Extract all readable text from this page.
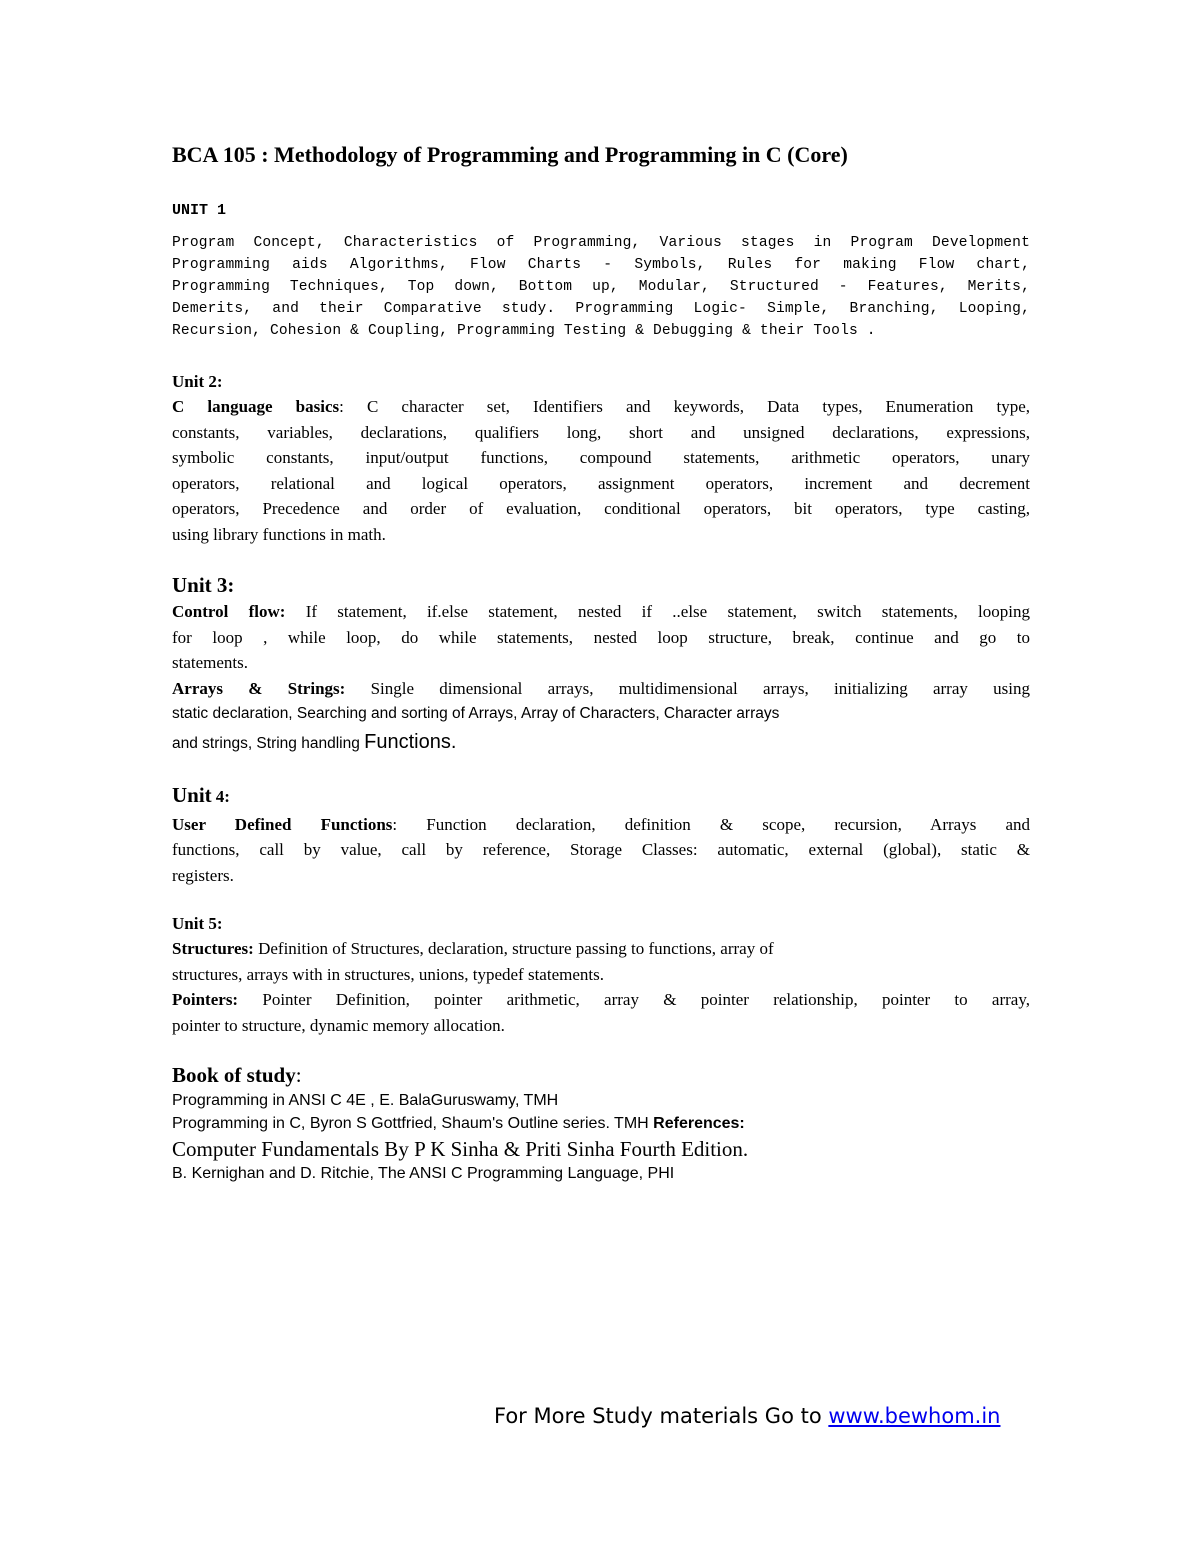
BCA 105 : Methodology of Programming and Programming in C (Core)
UNIT 1
Program Concept, Characteristics of Programming, Various stages in Program Development
Programming aids Algorithms, Flow Charts - Symbols, Rules for making Flow chart,
Programming Techniques, Top down, Bottom up, Modular, Structured - Features, Merits,
Demerits, and their Comparative study. Programming Logic- Simple, Branching, Looping,
Recursion, Cohesion & Coupling, Programming Testing & Debugging & their Tools .
Unit 2:
C language basics: C character set, Identifiers and keywords, Data types, Enumeration type,
constants, variables, declarations, qualifiers long, short and unsigned declarations, expressions,
symbolic constants, input/output functions, compound statements, arithmetic operators, unary
operators, relational and logical operators, assignment operators, increment and decrement
operators, Precedence and order of evaluation, conditional operators, bit operators, type casting,
using library functions in math.
Unit 3:
Control flow: If statement, if.else statement, nested if ..else statement, switch statements, looping
for loop , while loop, do while statements, nested loop structure, break, continue and go to
statements.
Arrays & Strings: Single dimensional arrays, multidimensional arrays, initializing array using
static declaration, Searching and sorting of Arrays, Array of Characters, Character arrays
and strings, String handling Functions.
Unit 4:
User Defined Functions: Function declaration, definition & scope, recursion, Arrays and
functions, call by value, call by reference, Storage Classes: automatic, external (global), static &
registers.
Unit 5:
Structures: Definition of Structures, declaration, structure passing to functions, array of
structures, arrays with in structures, unions, typedef statements.
Pointers: Pointer Definition, pointer arithmetic, array & pointer relationship, pointer to array,
pointer to structure, dynamic memory allocation.
Book of study:
Programming in ANSI C 4E , E. BalaGuruswamy, TMH
Programming in C, Byron S Gottfried, Shaum's Outline series. TMH References:
Computer Fundamentals By P K Sinha & Priti Sinha Fourth Edition.
B. Kernighan and D. Ritchie, The ANSI C Programming Language, PHI
For More Study materials Go to www.bewhom.in
